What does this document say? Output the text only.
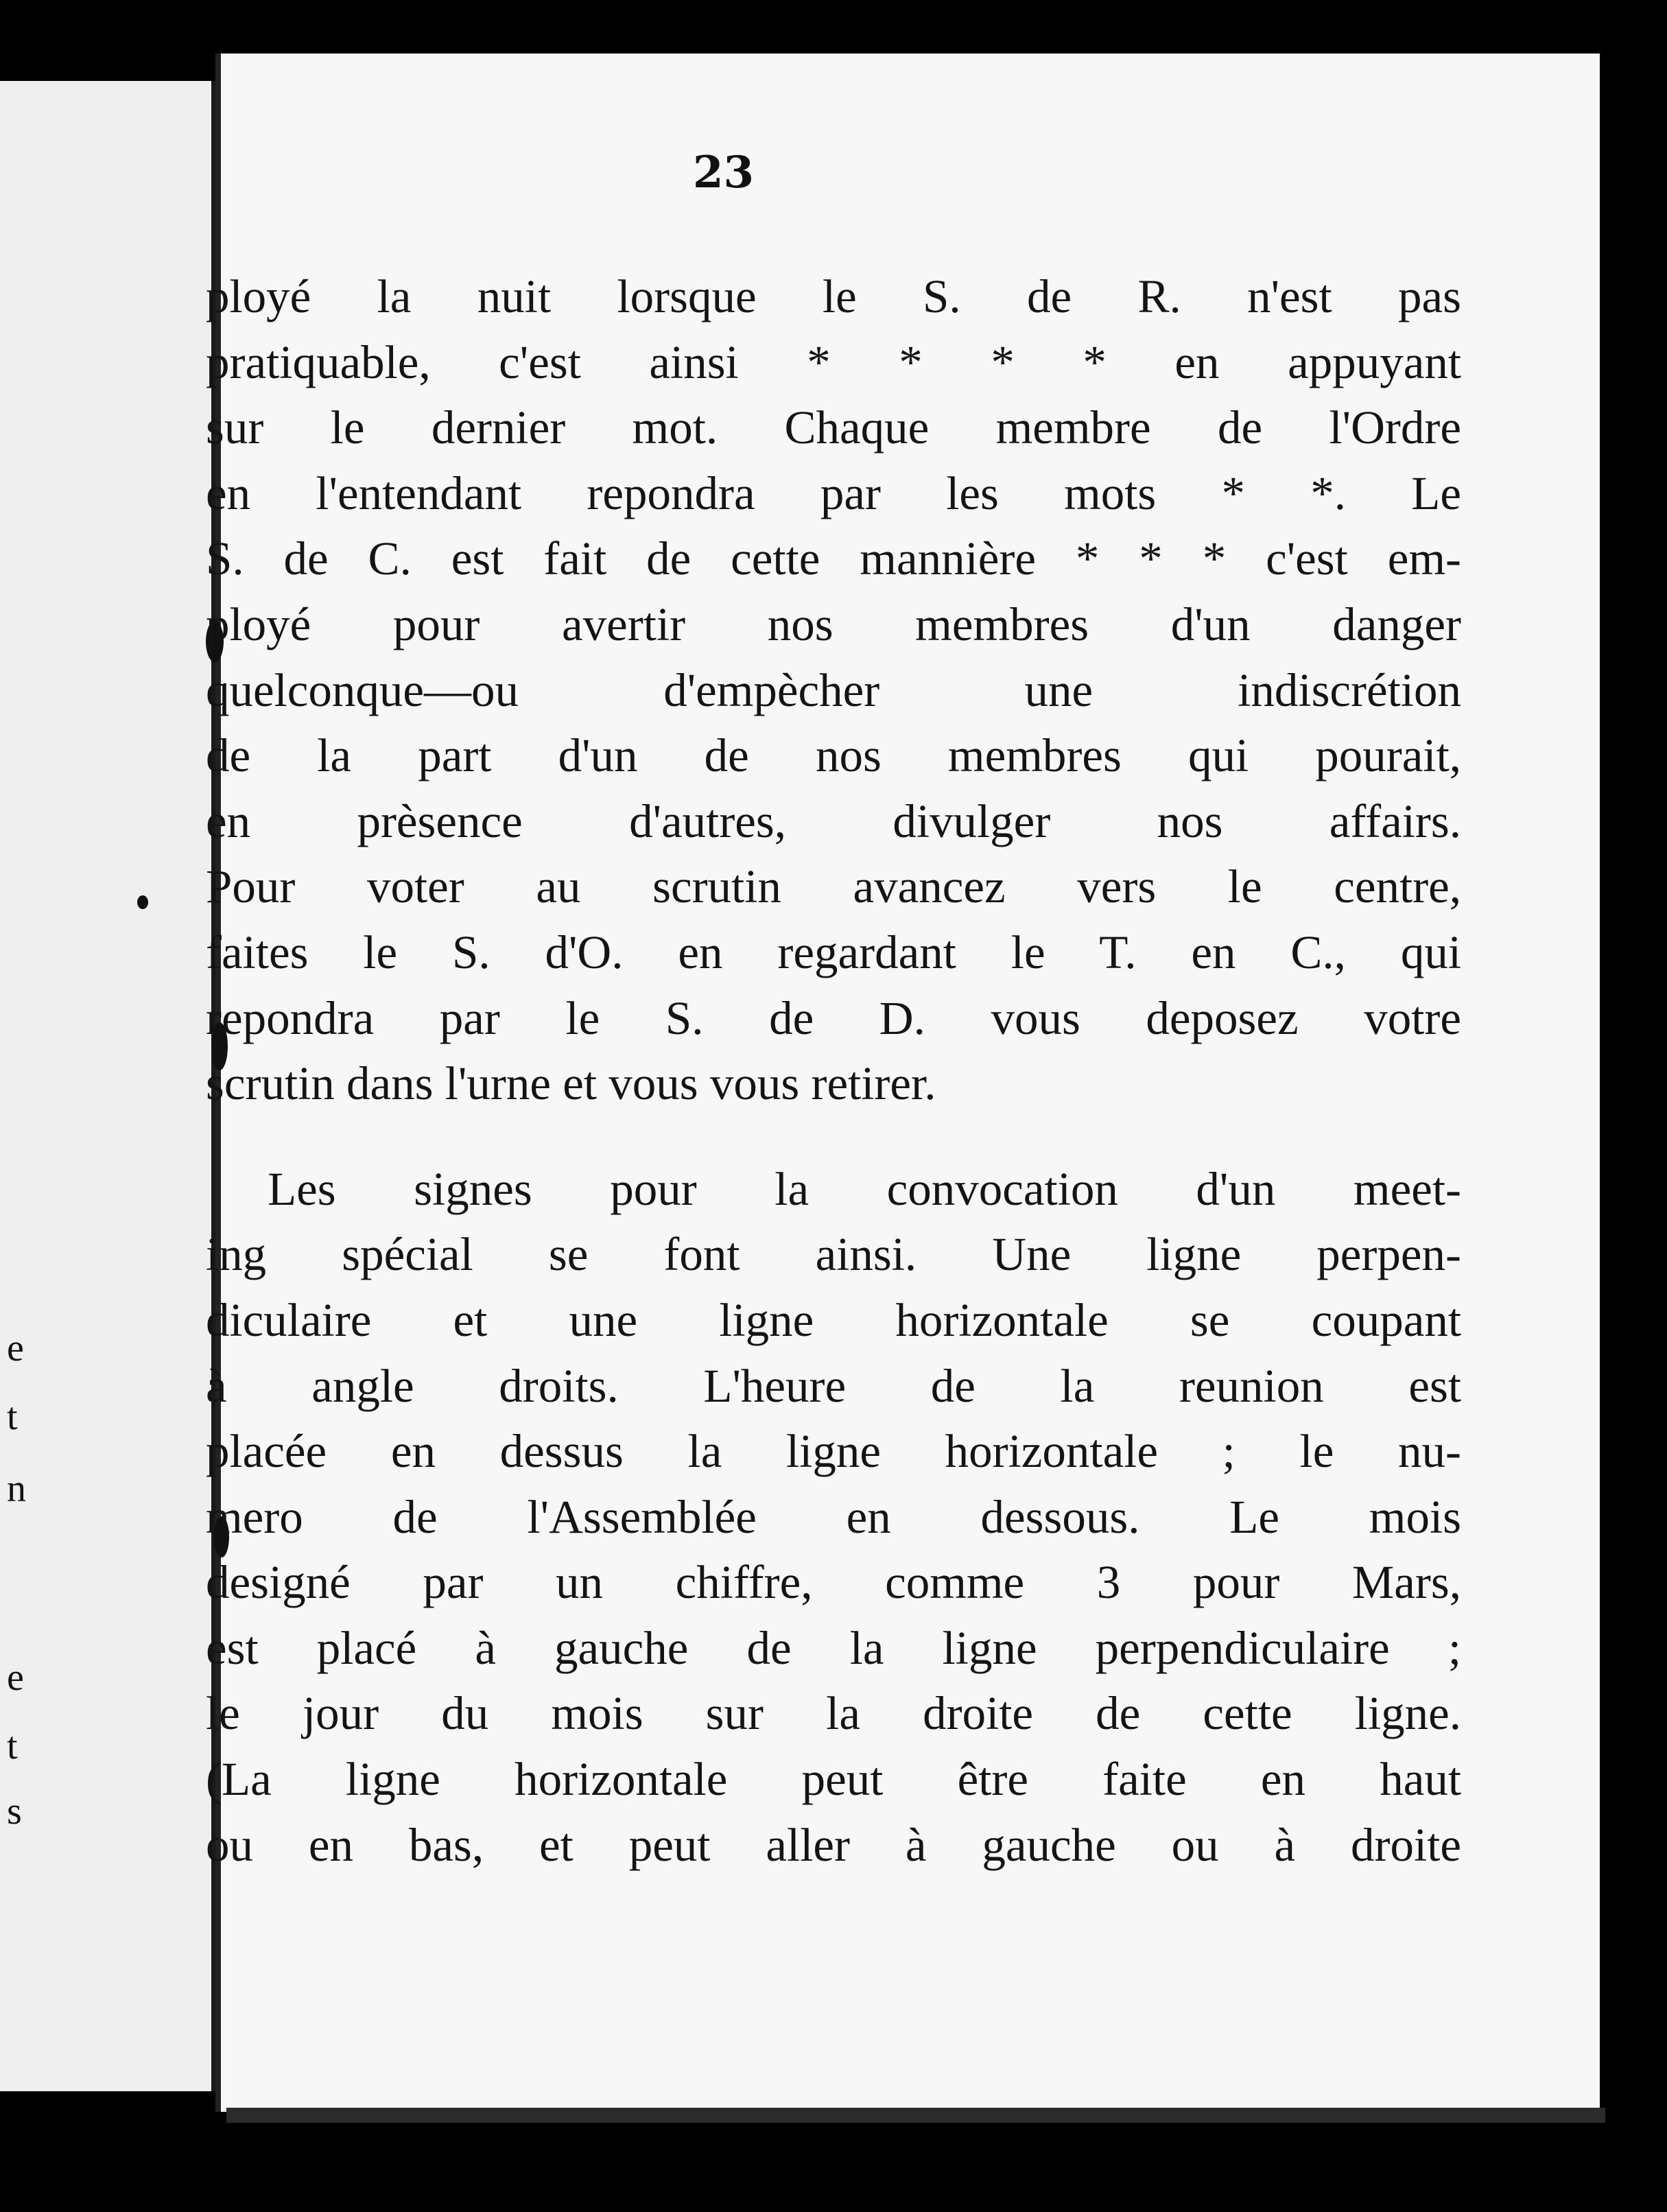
e
t
n
e
t
s
23
ployé la nuit lorsque le S. de R. n'est pas
pratiquable, c'est ainsi * * * * en appuyant
sur le dernier mot. Chaque membre de l'Ordre
en l'entendant repondra par les mots * *. Le
S. de C. est fait de cette mannière * * * c'est em-
ployé pour avertir nos membres d'un danger
quelconque—ou d'empècher une indiscrétion
de la part d'un de nos membres qui pourait,
en prèsence d'autres, divulger nos affairs.
Pour voter au scrutin avancez vers le centre,
faites le S. d'O. en regardant le T. en C., qui
repondra par le S. de D. vous deposez votre
scrutin dans l'urne et vous vous retirer.
Les signes pour la convocation d'un meet-
ing spécial se font ainsi. Une ligne perpen-
diculaire et une ligne horizontale se coupant
à angle droits. L'heure de la reunion est
placée en dessus la ligne horizontale ; le nu-
mero de l'Assemblée en dessous. Le mois
designé par un chiffre, comme 3 pour Mars,
est placé à gauche de la ligne perpendiculaire ;
le jour du mois sur la droite de cette ligne.
(La ligne horizontale peut être faite en haut
ou en bas, et peut aller à gauche ou à droite
